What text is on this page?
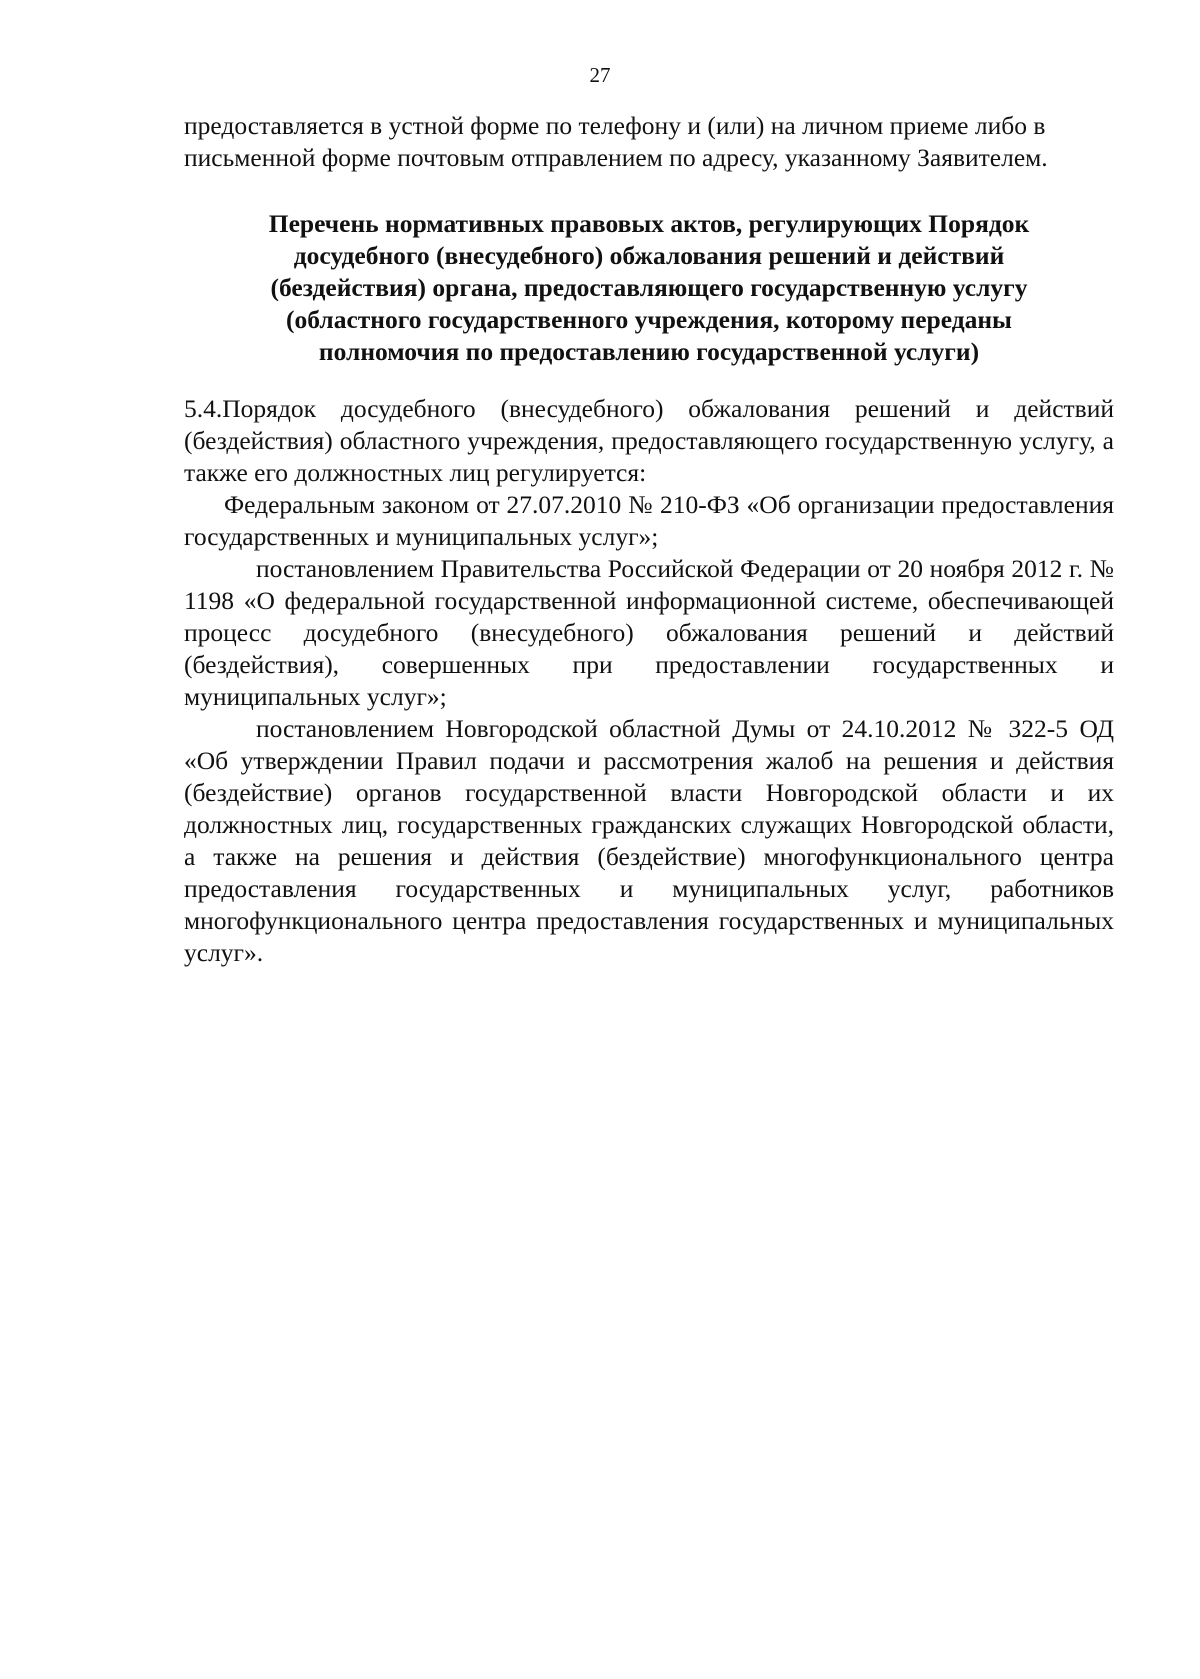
27

предоставляется в устной форме по телефону и (или) на личном приеме либо в письменной форме почтовым отправлением по адресу, указанному Заявителем.

Перечень нормативных правовых актов, регулирующих Порядок досудебного (внесудебного) обжалования решений и действий (бездействия) органа, предоставляющего государственную услугу (областного государственного учреждения, которому переданы полномочия по предоставлению государственной услуги)

5.4.Порядок досудебного (внесудебного) обжалования решений и действий (бездействия) областного учреждения, предоставляющего государственную услугу, а также его должностных лиц регулируется:

Федеральным законом от 27.07.2010 № 210-ФЗ «Об организации предоставления государственных и муниципальных услуг»;

постановлением Правительства Российской Федерации от 20 ноября 2012 г. № 1198 «О федеральной государственной информационной системе, обеспечивающей процесс досудебного (внесудебного) обжалования решений и действий (бездействия), совершенных при предоставлении государственных и муниципальных услуг»;

постановлением Новгородской областной Думы от 24.10.2012 № 322-5 ОД «Об утверждении Правил подачи и рассмотрения жалоб на решения и действия (бездействие) органов государственной власти Новгородской области и их должностных лиц, государственных гражданских служащих Новгородской области, а также на решения и действия (бездействие) многофункционального центра предоставления государственных и муниципальных услуг, работников многофункционального центра предоставления государственных и муниципальных услуг».
